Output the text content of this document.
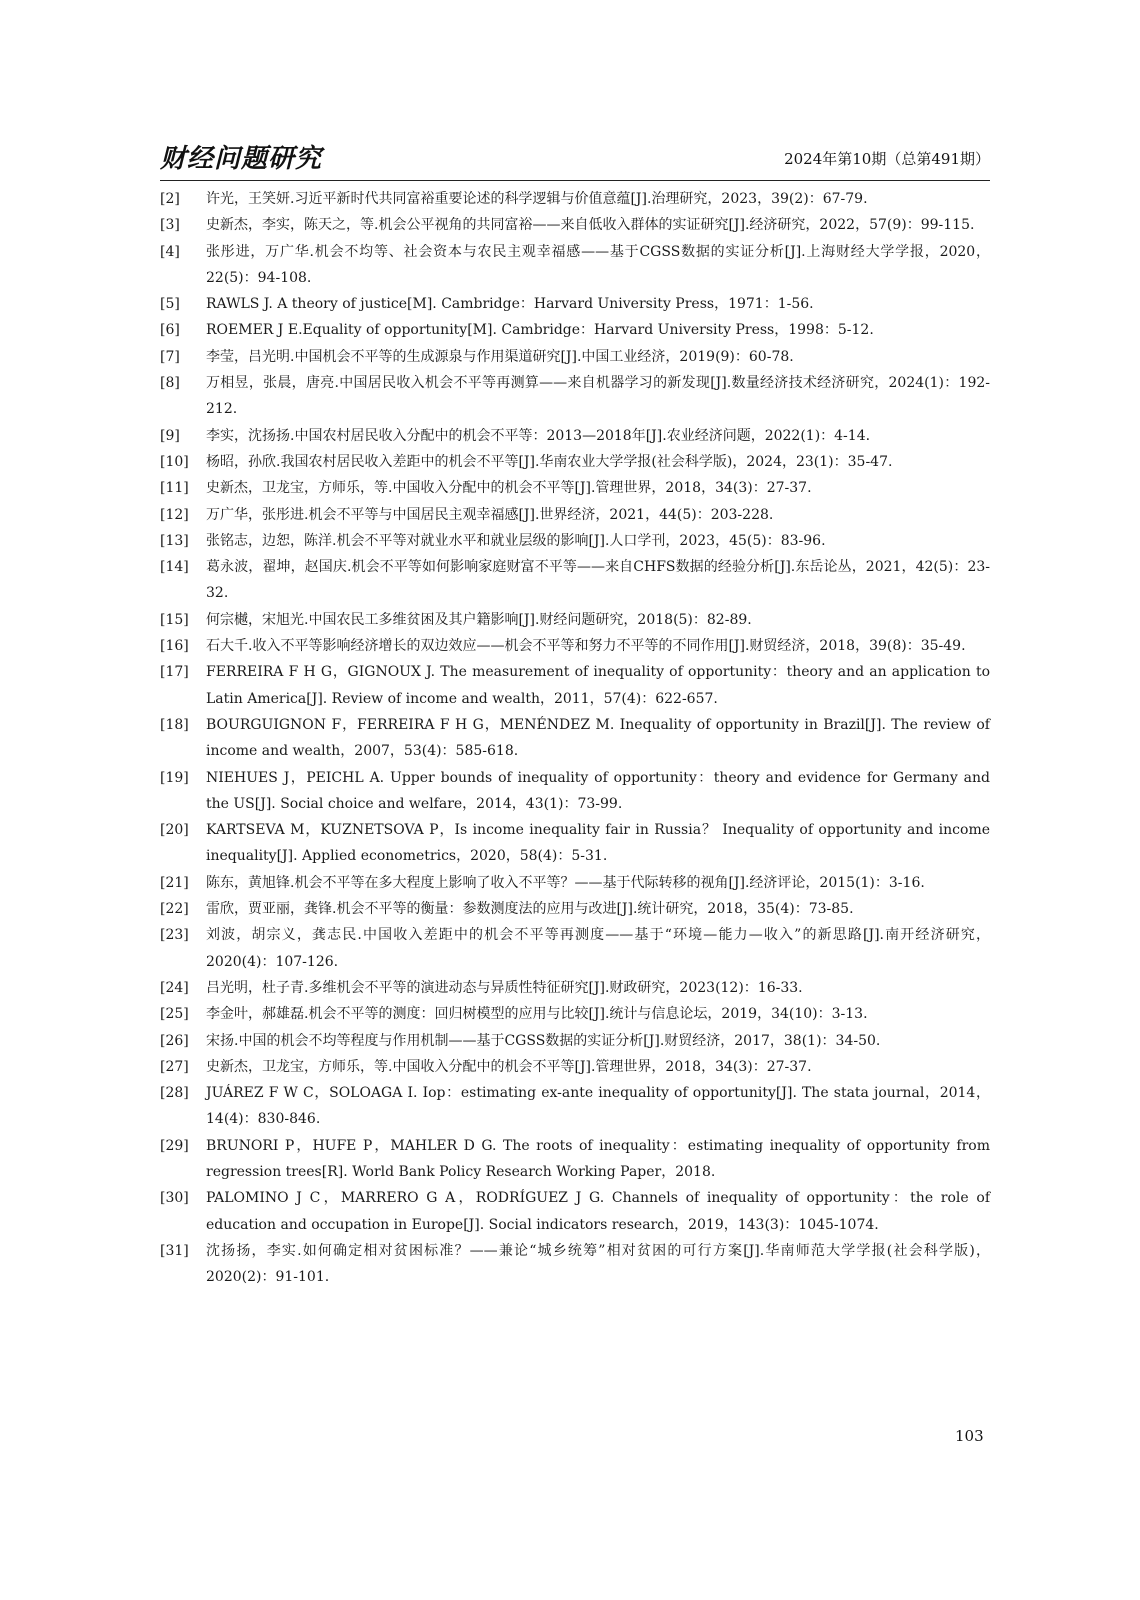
财经问题研究	2024年第10期（总第491期）
[2]	许光，王笑妍.习近平新时代共同富裕重要论述的科学逻辑与价值意蕴[J].治理研究，2023，39(2)：67-79.
[3]	史新杰，李实，陈天之，等.机会公平视角的共同富裕——来自低收入群体的实证研究[J].经济研究，2022，57(9)：99-115.
[4]	张彤进，万广华.机会不均等、社会资本与农民主观幸福感——基于CGSS数据的实证分析[J].上海财经大学学报，2020，22(5)：94-108.
[5]	RAWLS J. A theory of justice[M]. Cambridge：Harvard University Press，1971：1-56.
[6]	ROEMER J E.Equality of opportunity[M]. Cambridge：Harvard University Press，1998：5-12.
[7]	李莹，吕光明.中国机会不平等的生成源泉与作用渠道研究[J].中国工业经济，2019(9)：60-78.
[8]	万相昱，张晨，唐亮.中国居民收入机会不平等再测算——来自机器学习的新发现[J].数量经济技术经济研究，2024(1)：192-212.
[9]	李实，沈扬扬.中国农村居民收入分配中的机会不平等：2013—2018年[J].农业经济问题，2022(1)：4-14.
[10]	杨昭，孙欣.我国农村居民收入差距中的机会不平等[J].华南农业大学学报(社会科学版)，2024，23(1)：35-47.
[11]	史新杰，卫龙宝，方师乐，等.中国收入分配中的机会不平等[J].管理世界，2018，34(3)：27-37.
[12]	万广华，张彤进.机会不平等与中国居民主观幸福感[J].世界经济，2021，44(5)：203-228.
[13]	张铭志，边恕，陈洋.机会不平等对就业水平和就业层级的影响[J].人口学刊，2023，45(5)：83-96.
[14]	葛永波，翟坤，赵国庆.机会不平等如何影响家庭财富不平等——来自CHFS数据的经验分析[J].东岳论丛，2021，42(5)：23-32.
[15]	何宗樾，宋旭光.中国农民工多维贫困及其户籍影响[J].财经问题研究，2018(5)：82-89.
[16]	石大千.收入不平等影响经济增长的双边效应——机会不平等和努力不平等的不同作用[J].财贸经济，2018，39(8)：35-49.
[17]	FERREIRA F H G，GIGNOUX J. The measurement of inequality of opportunity：theory and an application to Latin America[J]. Review of income and wealth，2011，57(4)：622-657.
[18]	BOURGUIGNON F，FERREIRA F H G，MENÉNDEZ M. Inequality of opportunity in Brazil[J]. The review of income and wealth，2007，53(4)：585-618.
[19]	NIEHUES J，PEICHL A. Upper bounds of inequality of opportunity：theory and evidence for Germany and the US[J]. Social choice and welfare，2014，43(1)：73-99.
[20]	KARTSEVA M，KUZNETSOVA P，Is income inequality fair in Russia？ Inequality of opportunity and income inequality[J]. Applied econometrics，2020，58(4)：5-31.
[21]	陈东，黄旭锋.机会不平等在多大程度上影响了收入不平等？——基于代际转移的视角[J].经济评论，2015(1)：3-16.
[22]	雷欣，贾亚丽，龚锋.机会不平等的衡量：参数测度法的应用与改进[J].统计研究，2018，35(4)：73-85.
[23]	刘波，胡宗义，龚志民.中国收入差距中的机会不平等再测度——基于“环境—能力—收入”的新思路[J].南开经济研究，2020(4)：107-126.
[24]	吕光明，杜子青.多维机会不平等的演进动态与异质性特征研究[J].财政研究，2023(12)：16-33.
[25]	李金叶，郝雄磊.机会不平等的测度：回归树模型的应用与比较[J].统计与信息论坛，2019，34(10)：3-13.
[26]	宋扬.中国的机会不均等程度与作用机制——基于CGSS数据的实证分析[J].财贸经济，2017，38(1)：34-50.
[27]	史新杰，卫龙宝，方师乐，等.中国收入分配中的机会不平等[J].管理世界，2018，34(3)：27-37.
[28]	JUÁREZ F W C，SOLOAGA I. Iop：estimating ex-ante inequality of opportunity[J]. The stata journal，2014，14(4)：830-846.
[29]	BRUNORI P，HUFE P，MAHLER D G. The roots of inequality：estimating inequality of opportunity from regression trees[R]. World Bank Policy Research Working Paper，2018.
[30]	PALOMINO J C，MARRERO G A，RODRÍGUEZ J G. Channels of inequality of opportunity：the role of education and occupation in Europe[J]. Social indicators research，2019，143(3)：1045-1074.
[31]	沈扬扬，李实.如何确定相对贫困标准？——兼论“城乡统筹”相对贫困的可行方案[J].华南师范大学学报(社会科学版)，2020(2)：91-101.
103
